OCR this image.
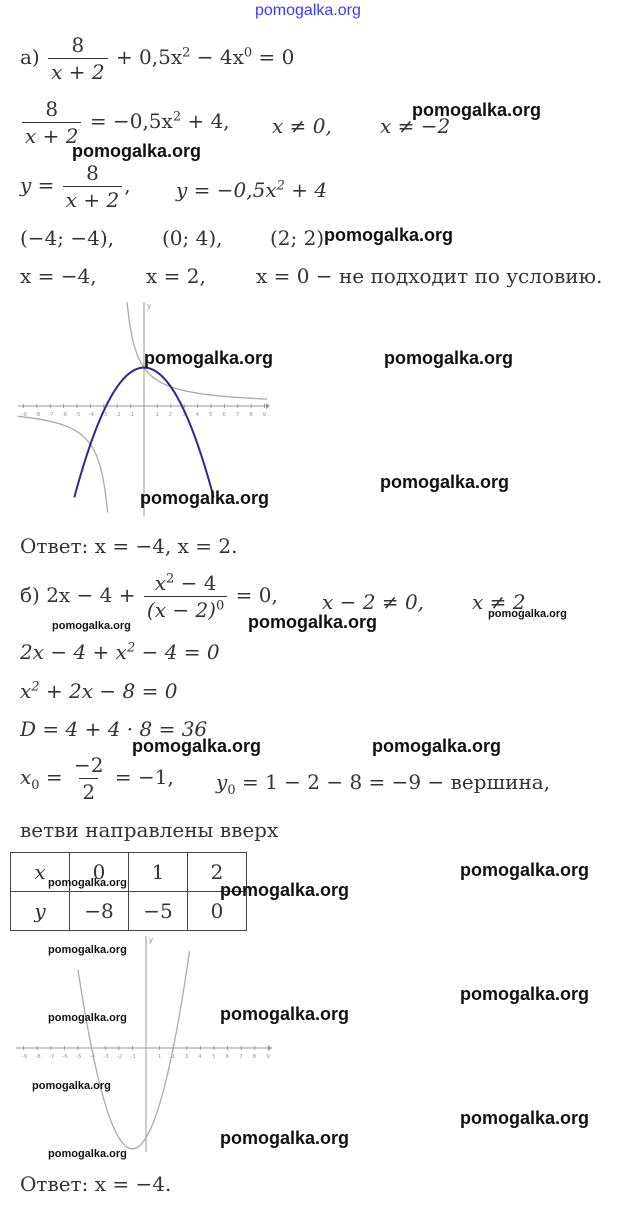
pomogalka.org
$а) \frac{8}{x + 2} + 0,5x^2 - 4x^0 = 0$
$\frac{8}{x + 2} = -0,5x^2 + 4$, x ≠ 0, x ≠ −2
$y = \frac{8}{x + 2}$ , $y = -0,5x^2 + 4$
(−4; −4), (0; 4), (2; 2)
x = −4, x = 2,	x = 0 − не подходит по условию.
y
-9 -8 -7 -6 -5 -4 -3 -2 -1	1 2 3 4 5 6 7 8 9
Ответ: x = −4, x = 2.
б) $2x - 4 + \frac{x^2 - 4}{(x - 2)^0} = 0$, x − 2 ≠ 0, x ≠ 2
$2x - 4 + x^2 - 4 = 0$
$x^2 + 2x - 8 = 0$
D = 4 + 4 · 8 = 36
$x_0 = \frac{-2}{2} = -1$, $y_0 = 1 - 2 - 8 = -9$ − вершина,
ветви направлены вверх
x	0	1	2
y	−8	−5	0
y
-9 -8 -7 -6 -5 -4 -3 -2 -1	1 2 3 4 5 6 7 8 9
Ответ: x = −4.
pomogalka.org
pomogalka.org
pomogalka.org
pomogalka.org	pomogalka.org
pomogalka.org
pomogalka.org
pomogalka.org	pomogalka.org	pomogalka.org
pomogalka.org	pomogalka.org
pomogalka.org
pomogalka.org	pomogalka.org
pomogalka.org
pomogalka.org
pomogalka.org	pomogalka.org
pomogalka.org
pomogalka.org
pomogalka.org
pomogalka.org
